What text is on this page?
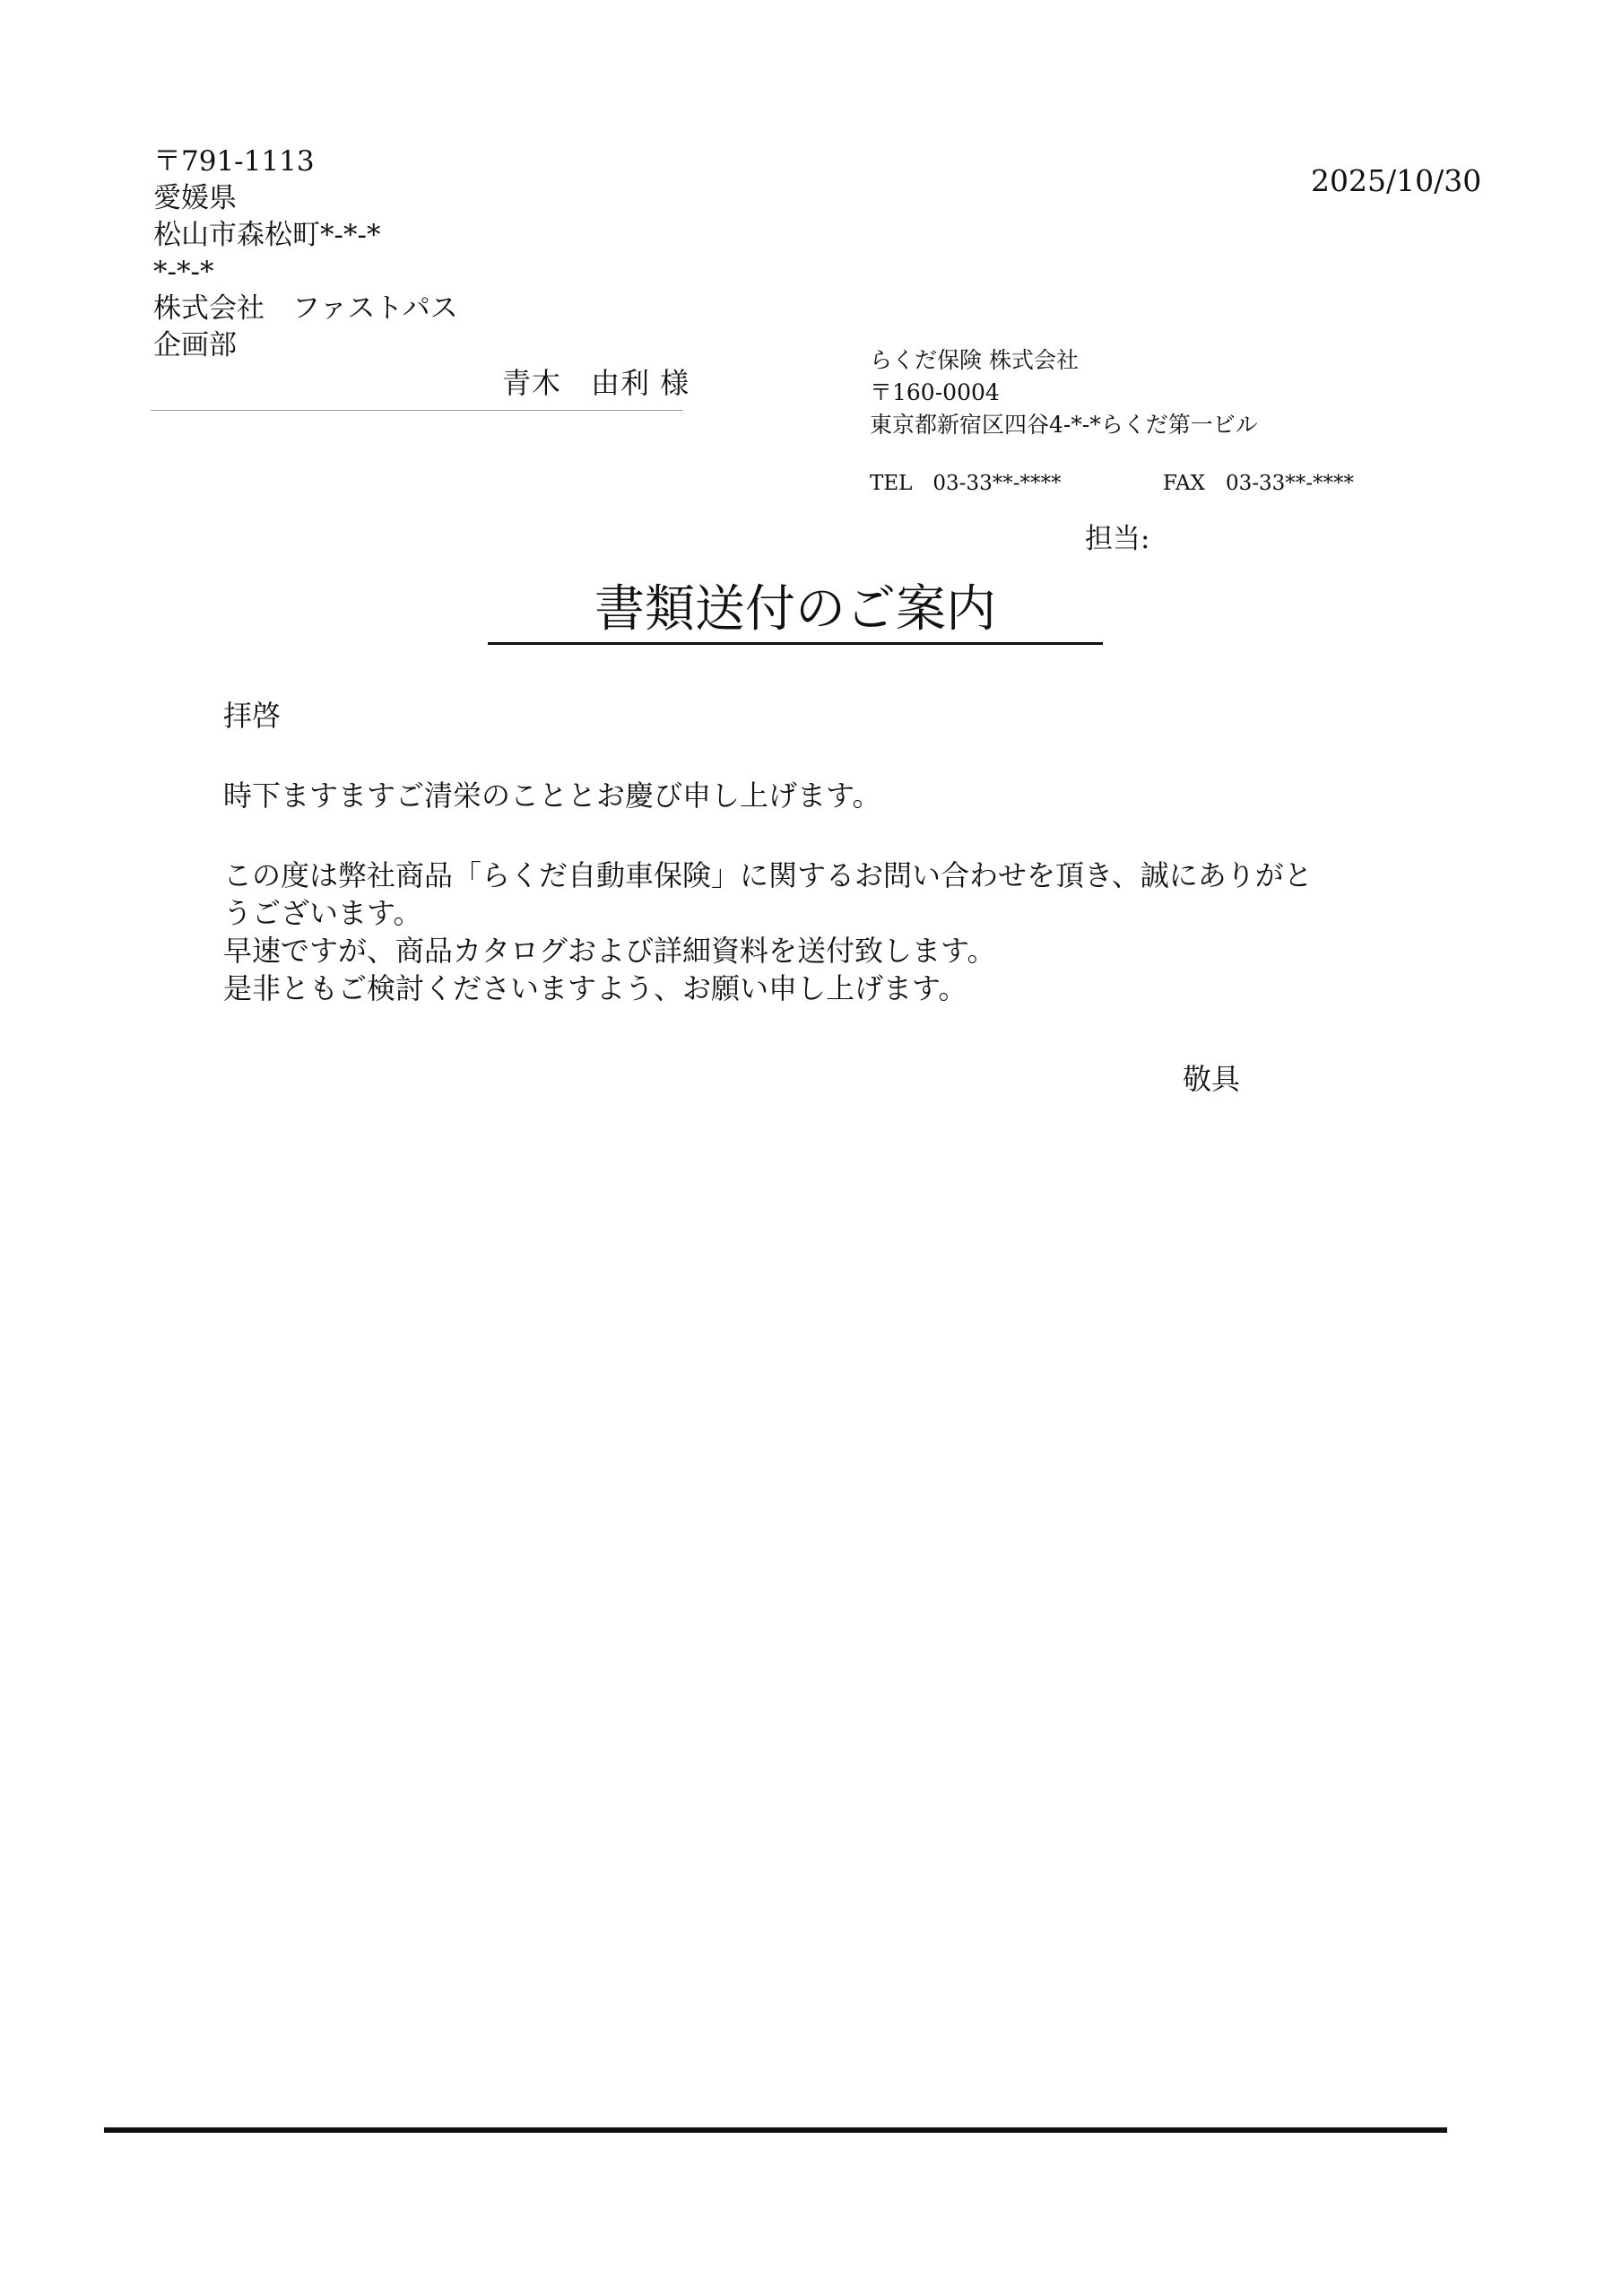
〒791-1113
愛媛県
松山市森松町*-*-*
*-*-*
株式会社　ファストパス
企画部
青木　由利 様
2025/10/30
らくだ保険 株式会社
〒160-0004
東京都新宿区四谷4-*-*らくだ第一ビル
TEL　03-33**-****	FAX　03-33**-****
担当:
書類送付のご案内
拝啓
時下ますますご清栄のこととお慶び申し上げます。
この度は弊社商品「らくだ自動車保険」に関するお問い合わせを頂き、誠にありがと
うございます。
早速ですが、商品カタログおよび詳細資料を送付致します。
是非ともご検討くださいますよう、お願い申し上げます。
敬具
